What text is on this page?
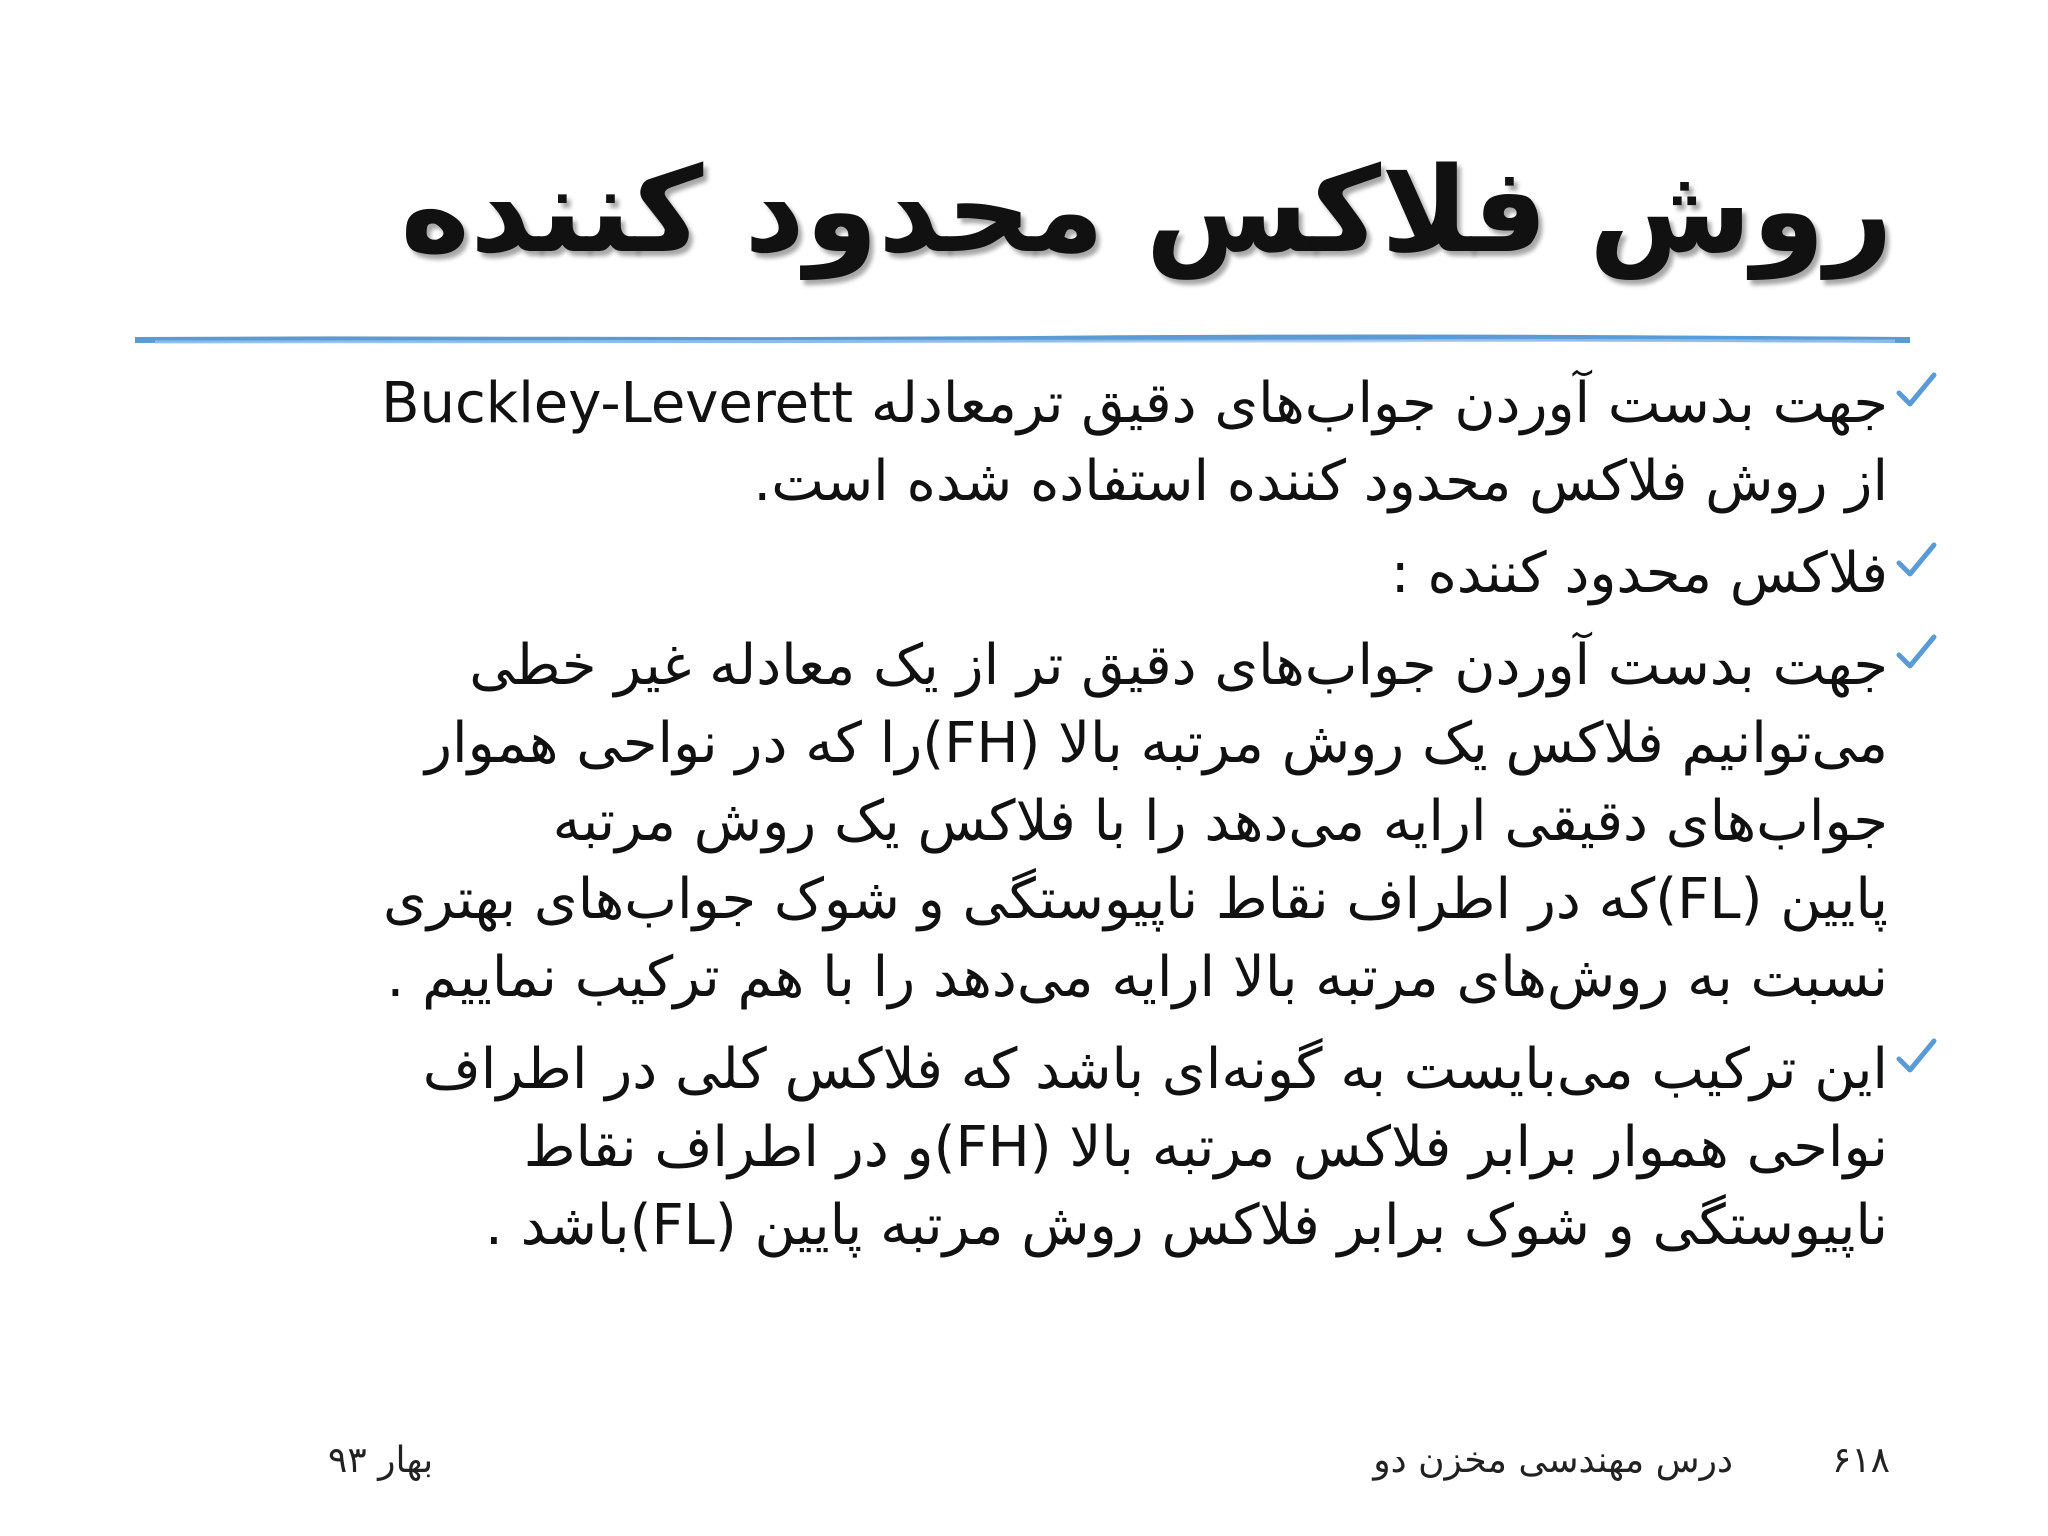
روش فلاکس محدود کننده
جهت بدست آوردن جواب‌های دقیق ترمعادله Buckley-Leverett
از روش فلاکس محدود کننده استفاده شده است.
فلاکس محدود کننده :
جهت بدست آوردن جواب‌های دقیق تر از یک معادله غیر خطی
می‌توانیم فلاکس یک روش مرتبه بالا (FH)را که در نواحی هموار
جواب‌های دقیقی ارایه می‌دهد را با فلاکس یک روش مرتبه
پایین (FL)که در اطراف نقاط ناپیوستگی و شوک جواب‌های بهتری
نسبت به روش‌های مرتبه بالا ارایه می‌دهد را با هم ترکیب نماییم .
این ترکیب می‌بایست به گونه‌ای باشد که فلاکس کلی در اطراف
نواحی هموار برابر فلاکس مرتبه بالا (FH)و در اطراف نقاط
ناپیوستگی و شوک برابر فلاکس روش مرتبه پایین (FL)باشد .
۶۱۸
درس مهندسی مخزن دو
بهار ۹۳
